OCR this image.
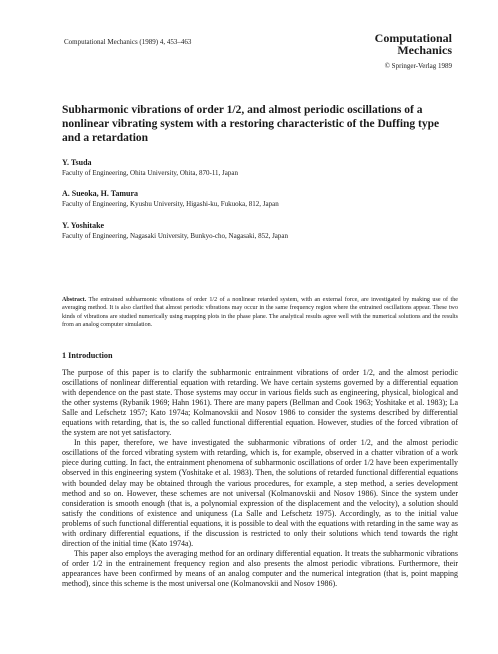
Computational Mechanics (1989) 4, 453–463	Computational
Mechanics
© Springer-Verlag 1989
Subharmonic vibrations of order 1/2, and almost periodic oscillations of a nonlinear vibrating system with a restoring characteristic of the Duffing type and a retardation
Y. Tsuda
Faculty of Engineering, Ohita University, Ohita, 870-11, Japan
A. Sueoka, H. Tamura
Faculty of Engineering, Kyushu University, Higashi-ku, Fukuoka, 812, Japan
Y. Yoshitake
Faculty of Engineering, Nagasaki University, Bunkyo-cho, Nagasaki, 852, Japan
Abstract. The entrained subharmonic vibrations of order 1/2 of a nonlinear retarded system, with an external force, are investigated by making use of the averaging method. It is also clarified that almost periodic vibrations may occur in the same frequency region where the entrained oscillations appear. These two kinds of vibrations are studied numerically using mapping plots in the phase plane. The analytical results agree well with the numerical solutions and the results from an analog computer simulation.
1 Introduction

The purpose of this paper is to clarify the subharmonic entrainment vibrations of order 1/2, and the almost periodic oscillations of nonlinear differential equation with retarding. We have certain systems governed by a differential equation with dependence on the past state. Those systems may occur in various fields such as engineering, physical, biological and the other systems (Rybanik 1969; Hahn 1961). There are many papers (Bellman and Cook 1963; Yoshitake et al. 1983); La Salle and Lefschetz 1957; Kato 1974a; Kolmanovskii and Nosov 1986 to consider the systems described by differential equations with retarding, that is, the so called functional differential equation. However, studies of the forced vibration of the system are not yet satisfactory.

In this paper, therefore, we have investigated the subharmonic vibrations of order 1/2, and the almost periodic oscillations of the forced vibrating system with retarding, which is, for example, observed in a chatter vibration of a work piece during cutting. In fact, the entrainment phenomena of subharmonic oscillations of order 1/2 have been experimentally observed in this engineering system (Yoshitake et al. 1983). Then, the solutions of retarded functional differential equations with bounded delay may be obtained through the various procedures, for example, a step method, a series development method and so on. However, these schemes are not universal (Kolmanovskii and Nosov 1986). Since the system under consideration is smooth enough (that is, a polynomial expression of the displacement and the velocity), a solution should satisfy the conditions of existence and uniquness (La Salle and Lefschetz 1975). Accordingly, as to the initial value problems of such functional differential equations, it is possible to deal with the equations with retarding in the same way as with ordinary differential equations, if the discussion is restricted to only their solutions which tend towards the right direction of the initial time (Kato 1974a).

This paper also employs the averaging method for an ordinary differential equation. It treats the subharmonic vibrations of order 1/2 in the entrainement frequency region and also presents the almost periodic vibrations. Furthermore, their appearances have been confirmed by means of an analog computer and the numerical integration (that is, point mapping method), since this scheme is the most universal one (Kolmanovskii and Nosov 1986).
